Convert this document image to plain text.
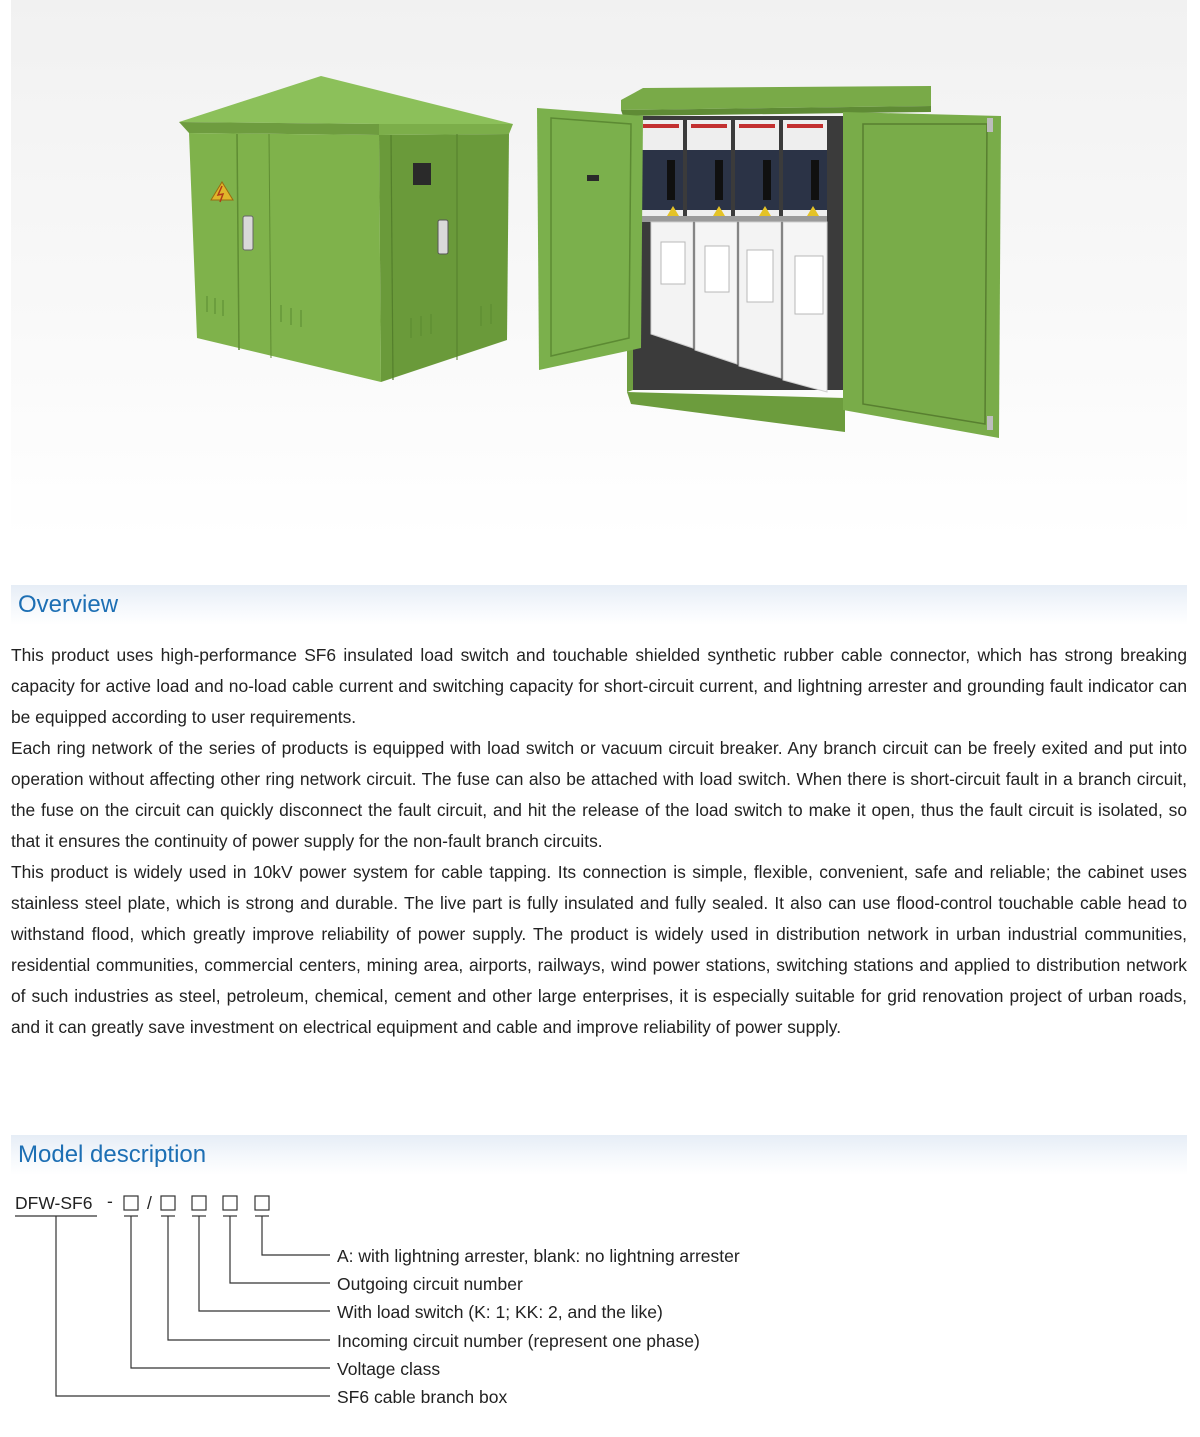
Overview

This product uses high-performance SF6 insulated load switch and touchable shielded synthetic rubber cable connector, which has strong breaking capacity for active load and no-load cable current and switching capacity for short-circuit current, and lightning arrester and grounding fault indicator can be equipped according to user requirements.

Each ring network of the series of products is equipped with load switch or vacuum circuit breaker. Any branch circuit can be freely exited and put into operation without affecting other ring network circuit. The fuse can also be attached with load switch. When there is short-circuit fault in a branch circuit, the fuse on the circuit can quickly disconnect the fault circuit, and hit the release of the load switch to make it open, thus the fault circuit is isolated, so that it ensures the continuity of power supply for the non-fault branch circuits.

This product is widely used in 10kV power system for cable tapping. Its connection is simple, flexible, convenient, safe and reliable; the cabinet uses stainless steel plate, which is strong and durable. The live part is fully insulated and fully sealed. It also can use flood-control touchable cable head to withstand flood, which greatly improve reliability of power supply. The product is widely used in distribution network in urban industrial communities, residential communities, commercial centers, mining area, airports, railways, wind power stations, switching stations and applied to distribution network of such industries as steel, petroleum, chemical, cement and other large enterprises, it is especially suitable for grid renovation project of urban roads, and it can greatly save investment on electrical equipment and cable and improve reliability of power supply.

Model description
DFW-SF6 - /
A: with lightning arrester, blank: no lightning arrester
Outgoing circuit number
With load switch (K: 1; KK: 2, and the like)
Incoming circuit number (represent one phase)
Voltage class
SF6 cable branch box
